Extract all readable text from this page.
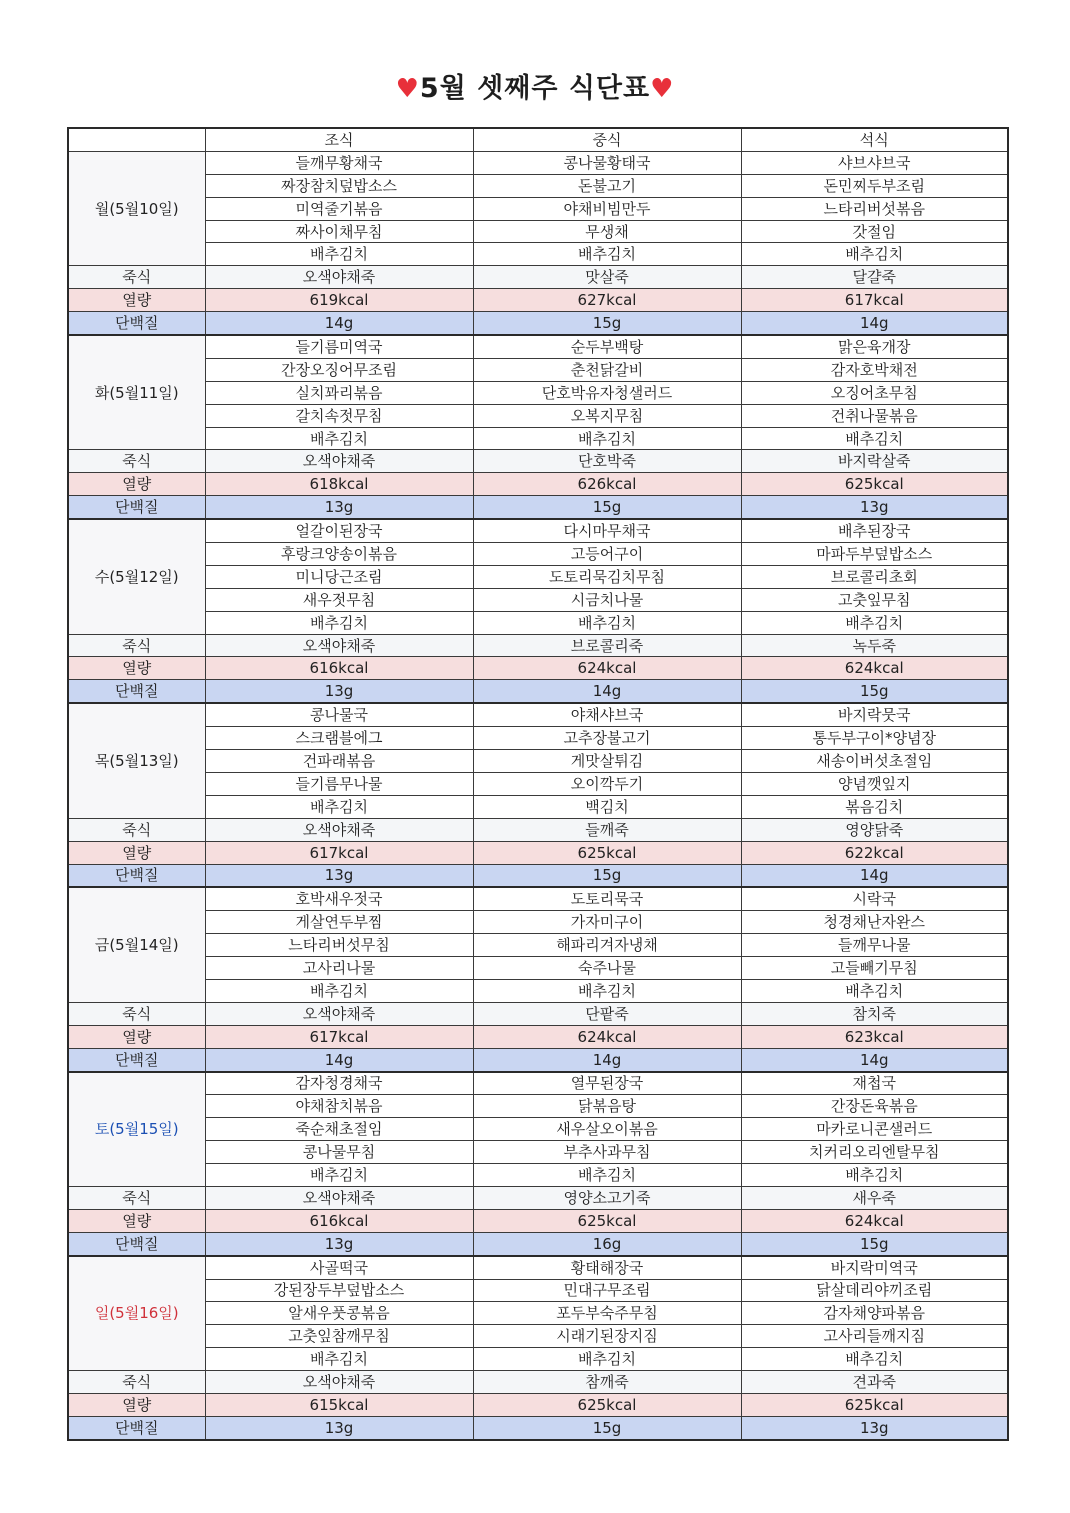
♥5월 셋째주 식단표♥
	조식	중식	석식
월(5월10일)	들깨무황채국	콩나물황태국	샤브샤브국
	짜장참치덮밥소스	돈불고기	돈민찌두부조림
	미역줄기볶음	야채비빔만두	느타리버섯볶음
	짜사이채무침	무생채	갓절임
	배추김치	배추김치	배추김치
죽식	오색야채죽	맛살죽	달걀죽
열량	619kcal	627kcal	617kcal
단백질	14g	15g	14g
화(5월11일)	들기름미역국	순두부백탕	맑은육개장
	간장오징어무조림	춘천닭갈비	감자호박채전
	실치꽈리볶음	단호박유자청샐러드	오징어초무침
	갈치속젓무침	오복지무침	건취나물볶음
	배추김치	배추김치	배추김치
죽식	오색야채죽	단호박죽	바지락살죽
열량	618kcal	626kcal	625kcal
단백질	13g	15g	13g
수(5월12일)	얼갈이된장국	다시마무채국	배추된장국
	후랑크양송이볶음	고등어구이	마파두부덮밥소스
	미니당근조림	도토리묵김치무침	브로콜리초회
	새우젓무침	시금치나물	고춧잎무침
	배추김치	배추김치	배추김치
죽식	오색야채죽	브로콜리죽	녹두죽
열량	616kcal	624kcal	624kcal
단백질	13g	14g	15g
목(5월13일)	콩나물국	야채샤브국	바지락뭇국
	스크램블에그	고추장불고기	통두부구이*양념장
	건파래볶음	게맛살튀김	새송이버섯초절임
	들기름무나물	오이깍두기	양념깻잎지
	배추김치	백김치	볶음김치
죽식	오색야채죽	들깨죽	영양닭죽
열량	617kcal	625kcal	622kcal
단백질	13g	15g	14g
금(5월14일)	호박새우젓국	도토리묵국	시락국
	게살연두부찜	가자미구이	청경채난자완스
	느타리버섯무침	해파리겨자냉채	들깨무나물
	고사리나물	숙주나물	고들빼기무침
	배추김치	배추김치	배추김치
죽식	오색야채죽	단팥죽	참치죽
열량	617kcal	624kcal	623kcal
단백질	14g	14g	14g
토(5월15일)	감자청경채국	열무된장국	재첩국
	야채참치볶음	닭볶음탕	간장돈육볶음
	죽순채초절임	새우살오이볶음	마카로니콘샐러드
	콩나물무침	부추사과무침	치커리오리엔탈무침
	배추김치	배추김치	배추김치
죽식	오색야채죽	영양소고기죽	새우죽
열량	616kcal	625kcal	624kcal
단백질	13g	16g	15g
일(5월16일)	사골떡국	황태해장국	바지락미역국
	강된장두부덮밥소스	민대구무조림	닭살데리야끼조림
	알새우풋콩볶음	포두부숙주무침	감자채양파볶음
	고춧잎참깨무침	시래기된장지짐	고사리들깨지짐
	배추김치	배추김치	배추김치
죽식	오색야채죽	참깨죽	견과죽
열량	615kcal	625kcal	625kcal
단백질	13g	15g	13g
